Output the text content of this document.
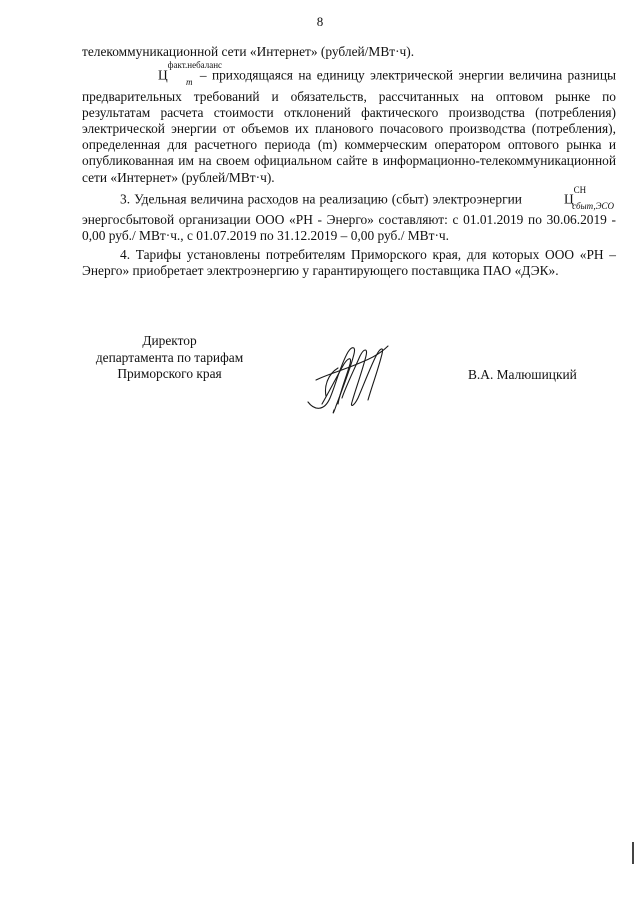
8

телекоммуникационной сети «Интернет» (рублей/МВт·ч).

$Ц^{факт.небаланс}_m$ – приходящаяся на единицу электрической энергии величина разницы предварительных требований и обязательств, рассчитанных на оптовом рынке по результатам расчета стоимости отклонений фактического производства (потребления) электрической энергии от объемов их планового почасового производства (потребления), определенная для расчетного периода (m) коммерческим оператором оптового рынка и опубликованная им на своем официальном сайте в информационно-телекоммуникационной сети «Интернет» (рублей/МВт·ч).

3. Удельная величина расходов на реализацию (сбыт) электроэнергии	$Ц^{СН}_{сбыт,ЭСО}$ энергосбытовой организации ООО «РН - Энерго» составляют: с 01.01.2019 по 30.06.2019 - 0,00 руб./ МВт·ч., с 01.07.2019 по 31.12.2019 – 0,00 руб./ МВт·ч.

4. Тарифы установлены потребителям Приморского края, для которых ООО «РН – Энерго» приобретает электроэнергию у гарантирующего поставщика ПАО «ДЭК».

Директор
департамента по тарифам
Приморского края	В.А. Малюшицкий
